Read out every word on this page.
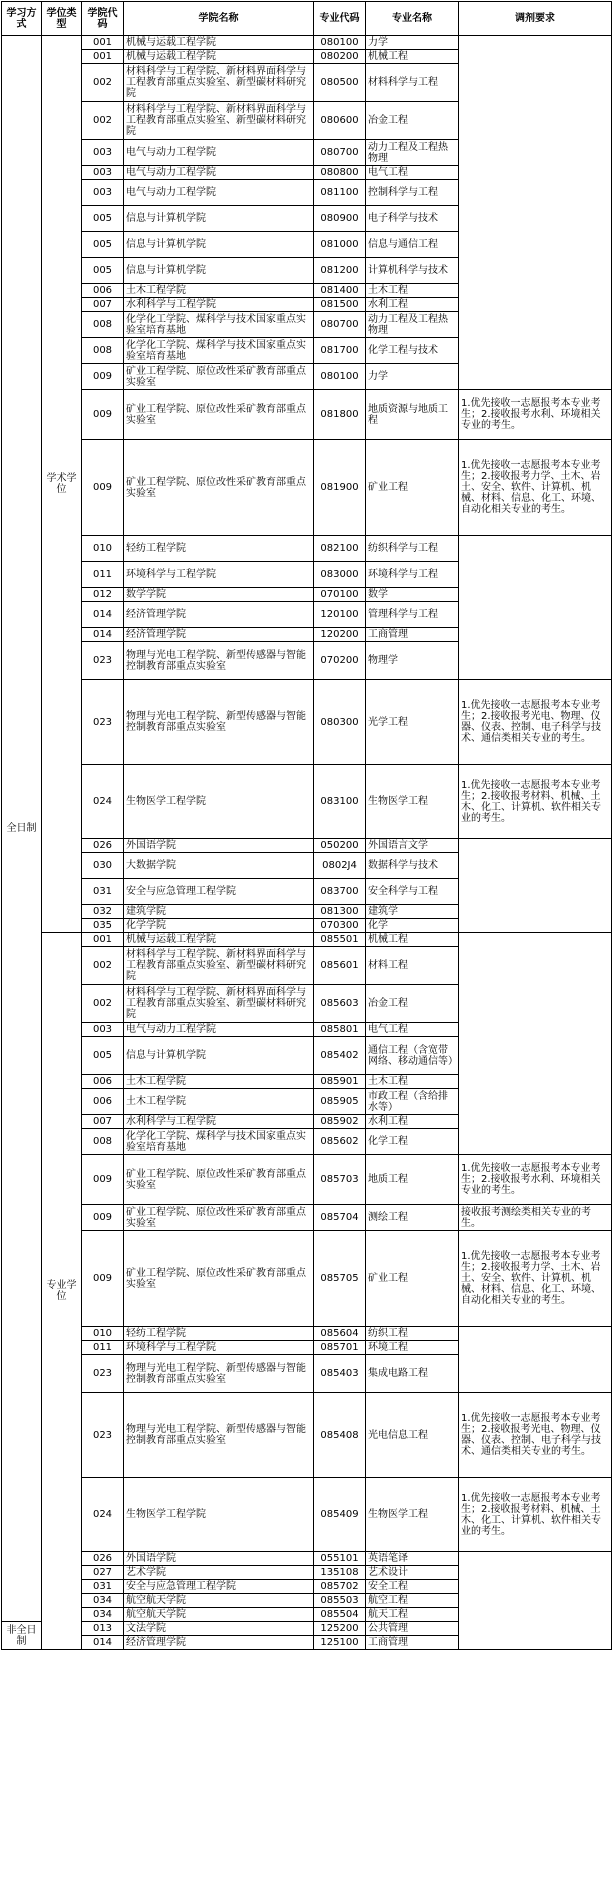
学习方式	学位类型	学院代码	学院名称	专业代码	专业名称	调剂要求
全日制	学术学位	001	机械与运载工程学院	080100	力学	
		001	机械与运载工程学院	080200	机械工程	
		002	材料科学与工程学院、新材料界面科学与工程教育部重点实验室、新型碳材料研究院	080500	材料科学与工程	
		002	材料科学与工程学院、新材料界面科学与工程教育部重点实验室、新型碳材料研究院	080600	冶金工程	
		003	电气与动力工程学院	080700	动力工程及工程热物理	
		003	电气与动力工程学院	080800	电气工程	
		003	电气与动力工程学院	081100	控制科学与工程	
		005	信息与计算机学院	080900	电子科学与技术	
		005	信息与计算机学院	081000	信息与通信工程	
		005	信息与计算机学院	081200	计算机科学与技术	
		006	土木工程学院	081400	土木工程	
		007	水利科学与工程学院	081500	水利工程	
		008	化学化工学院、煤科学与技术国家重点实验室培育基地	080700	动力工程及工程热物理	
		008	化学化工学院、煤科学与技术国家重点实验室培育基地	081700	化学工程与技术	
		009	矿业工程学院、原位改性采矿教育部重点实验室	080100	力学	
		009	矿业工程学院、原位改性采矿教育部重点实验室	081800	地质资源与地质工程	1.优先接收一志愿报考本专业考生；2.接收报考水利、环境相关专业的考生。
		009	矿业工程学院、原位改性采矿教育部重点实验室	081900	矿业工程	1.优先接收一志愿报考本专业考生；2.接收报考力学、土木、岩土、安全、软件、计算机、机械、材料、信息、化工、环境、自动化相关专业的考生。
		010	轻纺工程学院	082100	纺织科学与工程	
		011	环境科学与工程学院	083000	环境科学与工程	
		012	数学学院	070100	数学	
		014	经济管理学院	120100	管理科学与工程	
		014	经济管理学院	120200	工商管理	
		023	物理与光电工程学院、新型传感器与智能控制教育部重点实验室	070200	物理学	
		023	物理与光电工程学院、新型传感器与智能控制教育部重点实验室	080300	光学工程	1.优先接收一志愿报考本专业考生；2.接收报考光电、物理、仪器、仪表、控制、电子科学与技术、通信类相关专业的考生。
		024	生物医学工程学院	083100	生物医学工程	1.优先接收一志愿报考本专业考生；2.接收报考材料、机械、土木、化工、计算机、软件相关专业的考生。
		026	外国语学院	050200	外国语言文学	
		030	大数据学院	0802J4	数据科学与技术	
		031	安全与应急管理工程学院	083700	安全科学与工程	
		032	建筑学院	081300	建筑学	
		035	化学学院	070300	化学	
	专业学位	001	机械与运载工程学院	085501	机械工程	
		002	材料科学与工程学院、新材料界面科学与工程教育部重点实验室、新型碳材料研究院	085601	材料工程	
		002	材料科学与工程学院、新材料界面科学与工程教育部重点实验室、新型碳材料研究院	085603	冶金工程	
		003	电气与动力工程学院	085801	电气工程	
		005	信息与计算机学院	085402	通信工程（含宽带网络、移动通信等）	
		006	土木工程学院	085901	土木工程	
		006	土木工程学院	085905	市政工程（含给排水等）	
		007	水利科学与工程学院	085902	水利工程	
		008	化学化工学院、煤科学与技术国家重点实验室培育基地	085602	化学工程	
		009	矿业工程学院、原位改性采矿教育部重点实验室	085703	地质工程	1.优先接收一志愿报考本专业考生；2.接收报考水利、环境相关专业的考生。
		009	矿业工程学院、原位改性采矿教育部重点实验室	085704	测绘工程	接收报考测绘类相关专业的考生。
		009	矿业工程学院、原位改性采矿教育部重点实验室	085705	矿业工程	1.优先接收一志愿报考本专业考生；2.接收报考力学、土木、岩土、安全、软件、计算机、机械、材料、信息、化工、环境、自动化相关专业的考生。
		010	轻纺工程学院	085604	纺织工程	
		011	环境科学与工程学院	085701	环境工程	
		023	物理与光电工程学院、新型传感器与智能控制教育部重点实验室	085403	集成电路工程	
		023	物理与光电工程学院、新型传感器与智能控制教育部重点实验室	085408	光电信息工程	1.优先接收一志愿报考本专业考生；2.接收报考光电、物理、仪器、仪表、控制、电子科学与技术、通信类相关专业的考生。
		024	生物医学工程学院	085409	生物医学工程	1.优先接收一志愿报考本专业考生；2.接收报考材料、机械、土木、化工、计算机、软件相关专业的考生。
		026	外国语学院	055101	英语笔译	
		027	艺术学院	135108	艺术设计	
		031	安全与应急管理工程学院	085702	安全工程	
		034	航空航天学院	085503	航空工程	
		034	航空航天学院	085504	航天工程	
非全日制		013	文法学院	125200	公共管理	
		014	经济管理学院	125100	工商管理	
